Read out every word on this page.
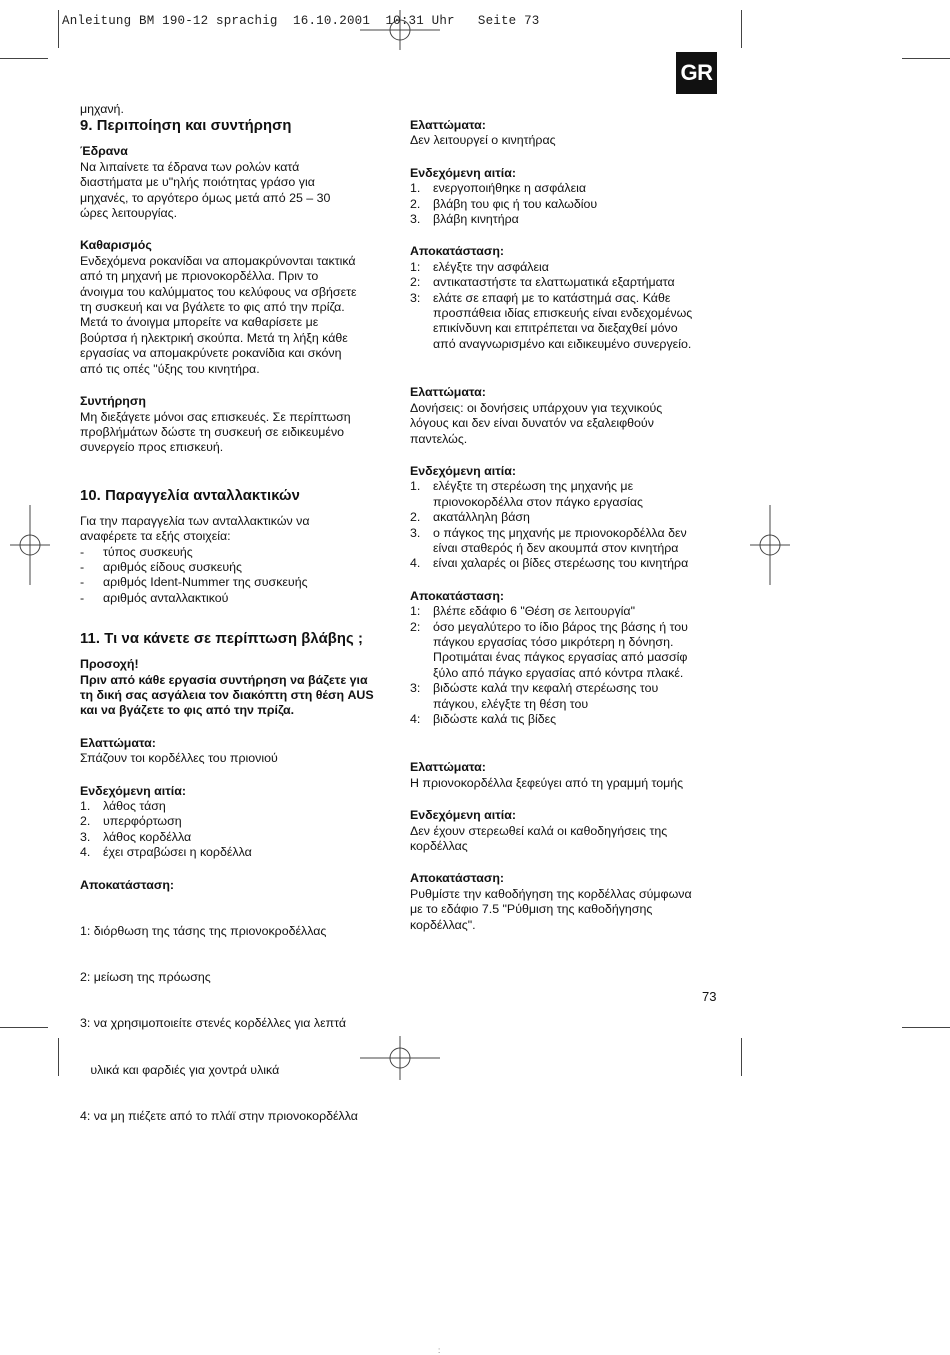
Anleitung BM 190-12 sprachig  16.10.2001  10:31 Uhr   Seite 73
GR

μηχανή.

9. Περιποίηση και συντήρηση

Έδρανα

Να λιπαίνετε τα έδρανα των ρολών κατά
διαστήματα με υ"ηλής ποιότητας γράσο για
μηχανές, το αργότερο όμως μετά από 25 – 30
ώρες λειτουργίας.

Καθαρισμός

Ενδεχόμενα ροκανίδαι να απομακρύνονται τακτικά
από τη μηχανή με πριονοκορδέλλα. Πριν το
άνοιγμα του καλύμματος του κελύφους να σβήσετε
τη συσκευή και να βγάλετε το φις από την πρίζα.
Μετά το άνοιγμα μπορείτε να καθαρίσετε με
βούρτσα ή ηλεκτρική σκούπα. Μετά τη λήξη κάθε
εργασίας να απομακρύνετε ροκανίδια και σκόνη
από τις οπές "ύξης του κινητήρα.

Συντήρηση

Μη διεξάγετε μόνοι σας επισκευές. Σε περίπτωση
προβλήμάτων δώστε τη συσκευή σε ειδικευμένο
συνεργείο προς επισκευή.
10. Παραγγελία ανταλλακτικών
Για την παραγγελία των ανταλλακτικών να
αναφέρετε τα εξής στοιχεία:
- τύπος συσκευής
- αριθμός είδους συσκευής
- αριθμός Ident-Nummer της συσκευής
- αριθμός ανταλλακτικού
11. Τι να κάνετε σε περίπτωση βλάβης ;

Προσοχή!

Πριν από κάθε εργασία συντήρηση να βάζετε για
τη δική σας ασγάλεια τον διακόπτη στη θέση AUS
και να βγάζετε το φις από την πρίζα.

Ελαττώματα:

Σπάζουν τοι κορδέλλες του πριονιού

Ενδεχόμενη αιτία:

1. λάθος τάση
2. υπερφόρτωση
3. λάθος κορδέλλα
4. έχει στραβώσει η κορδέλλα

Αποκατάσταση:

1: διόρθωση της τάσης της πριονοκροδέλλας

2: μείωση της πρόωσης

3: να χρησιμοποιείτε στενές κορδέλλες για λεπτά

υλικά και φαρδιές για χοντρά υλικά

4: να μη πιέζετε από το πλάϊ στην πριονοκορδέλλα

Ελαττώματα:

Δεν λειτουργεί ο κινητήρας

Ενδεχόμενη αιτία:

1. ενεργοποιήθηκε η ασφάλεια
2. βλάβη του φις ή του καλωδίου
3. βλάβη κινητήρα

Αποκατάσταση:

1: ελέγξτε την ασφάλεια
2: αντικαταστήστε τα ελαττωματικά εξαρτήματα
3: ελάτε σε επαφή με το κατάστημά σας. Κάθε
προσπάθεια ιδίας επισκευής είναι ενδεχομένως
επικίνδυνη και επιτρέπεται να διεξαχθεί μόνο
από αναγνωρισμένο και ειδικευμένο συνεργείο.

Ελαττώματα:

Δονήσεις: οι δονήσεις υπάρχουν για τεχνικούς
λόγους και δεν είναι δυνατόν να εξαλειφθούν
παντελώς.

Ενδεχόμενη αιτία:

1. ελέγξτε τη στερέωση της μηχανής με
πριονοκορδέλλα στον πάγκο εργασίας
2. ακατάλληλη βάση
3. ο πάγκος της μηχανής με πριονοκορδέλλα δεν
είναι σταθερός ή δεν ακουμπά στον κινητήρα
4. είναι χαλαρές οι βίδες στερέωσης του κινητήρα

Αποκατάσταση:

1: βλέπε εδάφιο 6 "Θέση σε λειτουργία"
2: όσο μεγαλύτερο το ίδιο βάρος της βάσης ή του
πάγκου εργασίας τόσο μικρότερη η δόνηση.
Προτιμάται ένας πάγκος εργασίας από μασσίφ
ξύλο από πάγκο εργασίας από κόντρα πλακέ.
3: βιδώστε καλά την κεφαλή στερέωσης του
πάγκου, ελέγξτε τη θέση του
4: βιδώστε καλά τις βίδες

Ελαττώματα:

Η πριονοκορδέλλα ξεφεύγει από τη γραμμή τομής

Ενδεχόμενη αιτία:

Δεν έχουν στερεωθεί καλά οι καθοδηγήσεις της
κορδέλλας

Αποκατάσταση:

Ρυθμίστε την καθοδήγηση της κορδέλλας σύμφωνα
με το εδάφιο 7.5 "Ρύθμιση της καθοδήγησης
κορδέλλας".
73
:
